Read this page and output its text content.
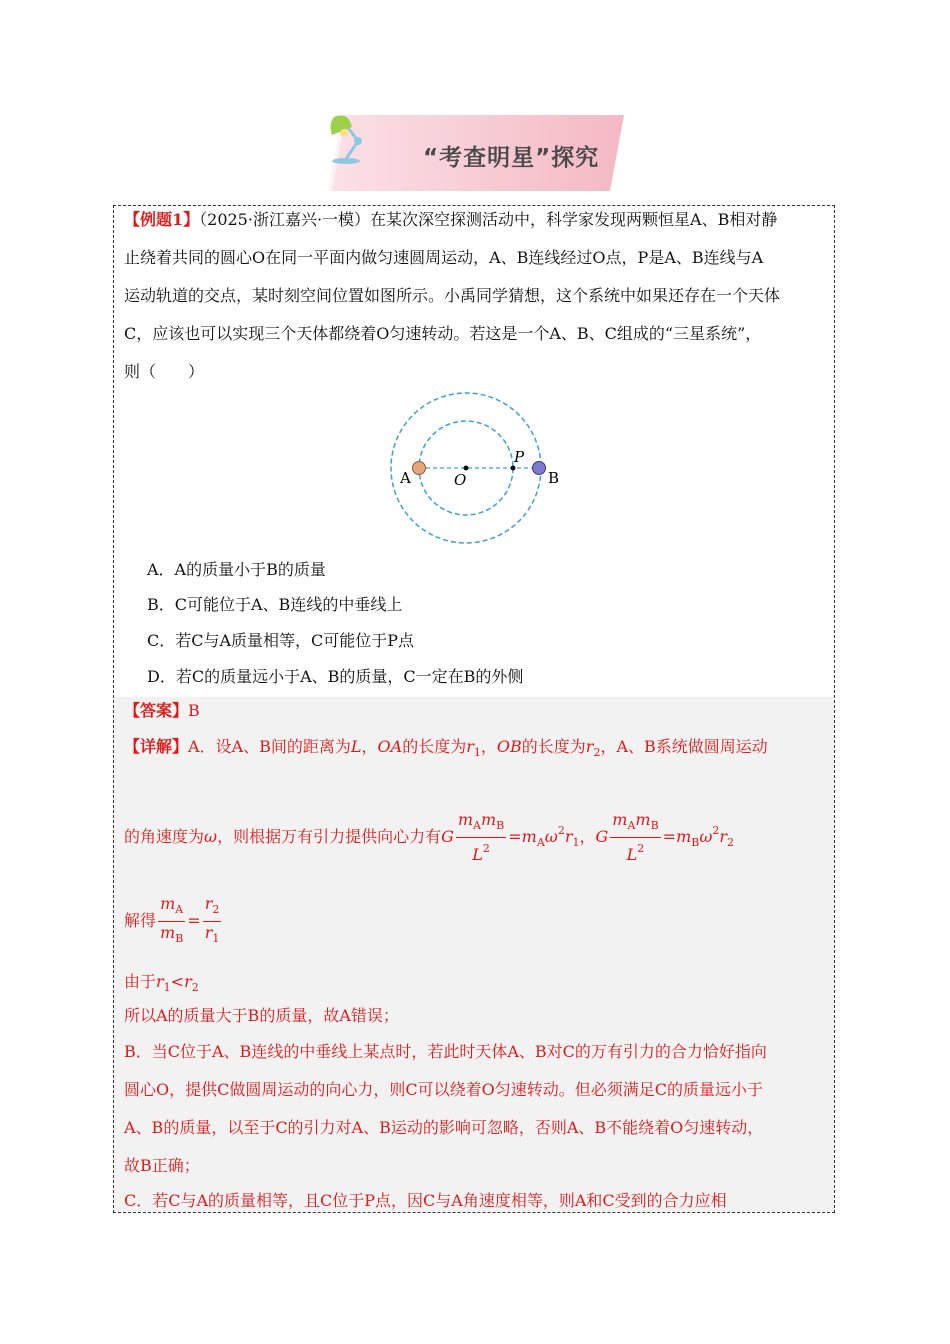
“考查明星”探究
【例题1】（2025·浙江嘉兴·一模）在某次深空探测活动中，科学家发现两颗恒星A、B相对静
止绕着共同的圆心O在同一平面内做匀速圆周运动，A、B连线经过O点，P是A、B连线与A
运动轨道的交点，某时刻空间位置如图所示。小禹同学猜想，这个系统中如果还存在一个天体
C，应该也可以实现三个天体都绕着O匀速转动。若这是一个A、B、C组成的“三星系统”，
则（　　）
A	B
O
P
A．A的质量小于B的质量
B．C可能位于A、B连线的中垂线上
C．若C与A质量相等，C可能位于P点
D．若C的质量远小于A、B的质量，C一定在B的外侧
【答案】B
【详解】A．设A、B间的距离为L，OA的长度为$r_1$，OB的长度为$r_2$，A、B系统做圆周运动
的角速度为ω，则根据万有引力提供向心力有G $\frac{m_Am_B}{L^2} =m_A\omega^2r_1$，G $\frac{m_Am_B}{L^2} =m_B\omega^2r_2$
解得 $\frac{m_A}{m_B} = \frac{r_2}{r_1}$
由于$r_1<r_2$
所以A的质量大于B的质量，故A错误；
B．当C位于A、B连线的中垂线上某点时，若此时天体A、B对C的万有引力的合力恰好指向
圆心O，提供C做圆周运动的向心力，则C可以绕着O匀速转动。但必须满足C的质量远小于
A、B的质量，以至于C的引力对A、B运动的影响可忽略，否则A、B不能绕着O匀速转动，
故B正确；
C．若C与A的质量相等，且C位于P点，因C与A角速度相等，则A和C受到的合力应相
